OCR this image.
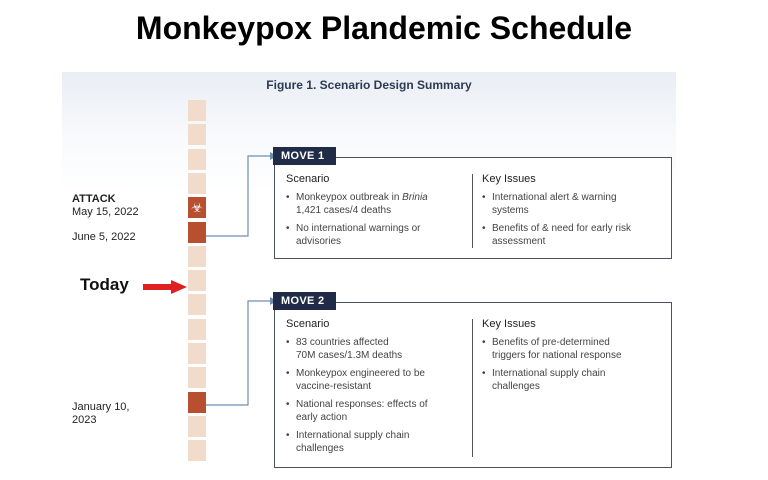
Monkeypox Plandemic Schedule
Figure 1. Scenario Design Summary
☣
ATTACK
May 15, 2022
June 5, 2022
Today
January 10,
2023
MOVE 1
Scenario	Key Issues
• Monkeypox outbreak in Brinia
1,421 cases/4 deaths
• No international warnings or
advisories
• International alert & warning
systems
• Benefits of & need for early risk
assessment
MOVE 2
Scenario	Key Issues
• 83 countries affected
70M cases/1.3M deaths
• Monkeypox engineered to be
vaccine-resistant
• National responses: effects of
early action
• International supply chain
challenges
• Benefits of pre-determined
triggers for national response
• International supply chain
challenges
